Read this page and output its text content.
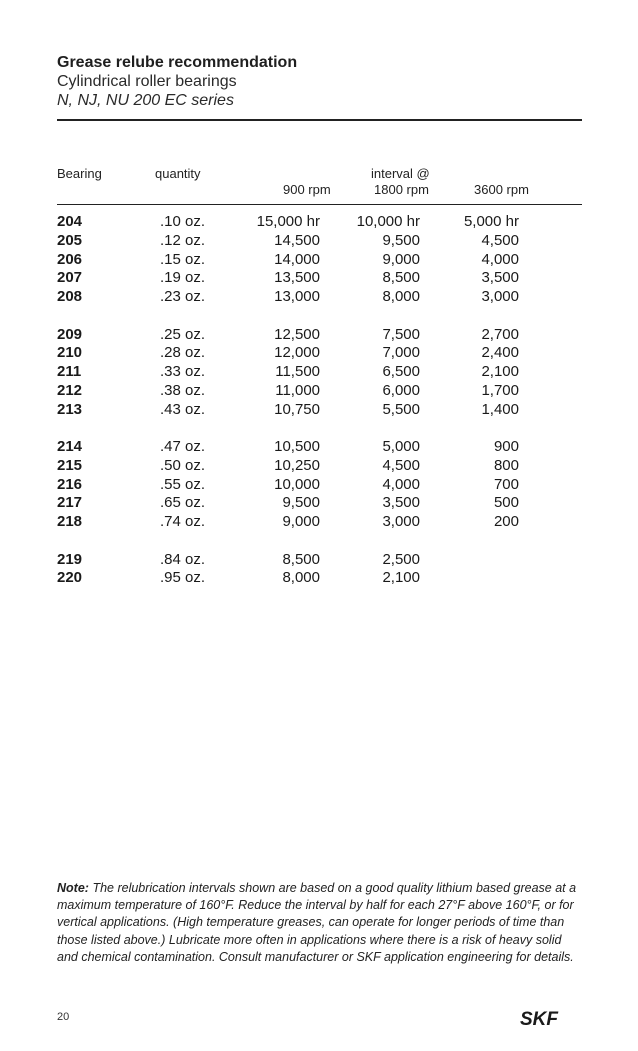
Grease relube recommendation
Cylindrical roller bearings
N, NJ, NU 200 EC series
Bearing	quantity	interval @
900 rpm	1800 rpm	3600 rpm
204	.10 oz.	15,000 hr	10,000 hr	5,000 hr
205	.12 oz.	14,500	9,500	4,500
206	.15 oz.	14,000	9,000	4,000
207	.19 oz.	13,500	8,500	3,500
208	.23 oz.	13,000	8,000	3,000
209	.25 oz.	12,500	7,500	2,700
210	.28 oz.	12,000	7,000	2,400
211	.33 oz.	11,500	6,500	2,100
212	.38 oz.	11,000	6,000	1,700
213	.43 oz.	10,750	5,500	1,400
214	.47 oz.	10,500	5,000	900
215	.50 oz.	10,250	4,500	800
216	.55 oz.	10,000	4,000	700
217	.65 oz.	9,500	3,500	500
218	.74 oz.	9,000	3,000	200
219	.84 oz.	8,500	2,500
220	.95 oz.	8,000	2,100
Note: The relubrication intervals shown are based on a good quality lithium based grease at a maximum temperature of 160°F. Reduce the interval by half for each 27°F above 160°F, or for vertical applications. (High temperature greases, can operate for longer periods of time than those listed above.) Lubricate more often in applications where there is a risk of heavy solid and chemical contamination. Consult manufacturer or SKF application engineering for details.
20	SKF
